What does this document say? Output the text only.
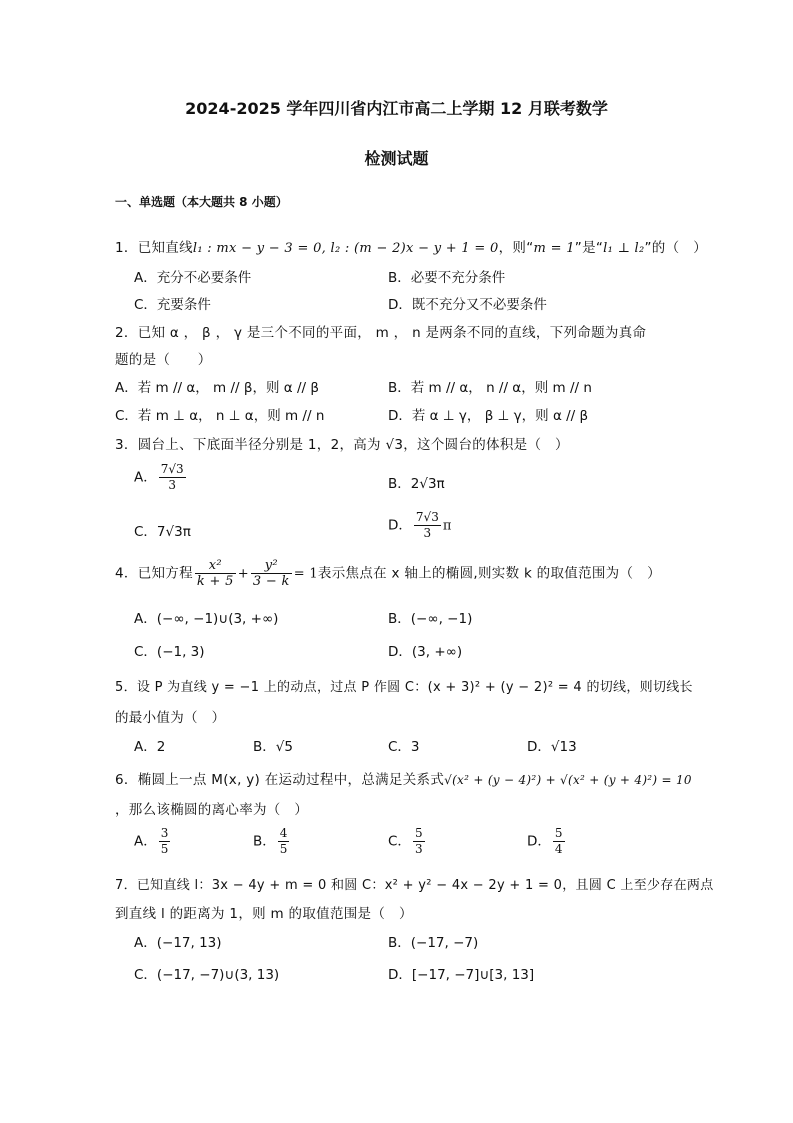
2024-2025 学年四川省内江市高二上学期 12 月联考数学
检测试题
一、单选题（本大题共 8 小题）
1．已知直线l₁ : mx − y − 3 = 0, l₂ : (m − 2)x − y + 1 = 0，则“m = 1”是“l₁ ⊥ l₂”的（　）
A．充分不必要条件	B．必要不充分条件
C．充要条件	D．既不充分又不必要条件
2．已知 α ， β ， γ 是三个不同的平面， m ， n 是两条不同的直线，下列命题为真命
题的是（　　）
A．若 m // α， m // β，则 α // β	B．若 m // α， n // α，则 m // n
C．若 m ⊥ α， n ⊥ α，则 m // n	D．若 α ⊥ γ， β ⊥ γ，则 α // β
3．圆台上、下底面半径分别是 1，2，高为 √3，这个圆台的体积是（　）
A． $\frac{7√3}{3}$	B．2√3π
C．7√3π	D． $\frac{7√3}{3}$ π
4．已知方程 $\frac{\text{x²}}{k + 5} + \frac{\text{y²}}{3 - k} = 1$表示焦点在 x 轴上的椭圆,则实数 k 的取值范围为（　）
A．(−∞, −1)∪(3, +∞)	B．(−∞, −1)
C．(−1, 3)	D．(3, +∞)
5．设 P 为直线 y = −1 上的动点，过点 P 作圆 C：(x + 3)² + (y − 2)² = 4 的切线，则切线长
的最小值为（　）
A．2	B．√5	C．3	D．√13
6．椭圆上一点 M(x, y) 在运动过程中，总满足关系式√(x² + (y − 4)²) + √(x² + (y + 4)²) = 10
，那么该椭圆的离心率为（　）
A． $\frac{3}{5}$	B． $\frac{4}{5}$	C． $\frac{5}{3}$	D． $\frac{5}{4}$
7．已知直线 l：3x − 4y + m = 0 和圆 C：x² + y² − 4x − 2y + 1 = 0，且圆 C 上至少存在两点
到直线 l 的距离为 1，则 m 的取值范围是（　）
A．(−17, 13)	B．(−17, −7)
C．(−17, −7)∪(3, 13)	D．[−17, −7]∪[3, 13]
